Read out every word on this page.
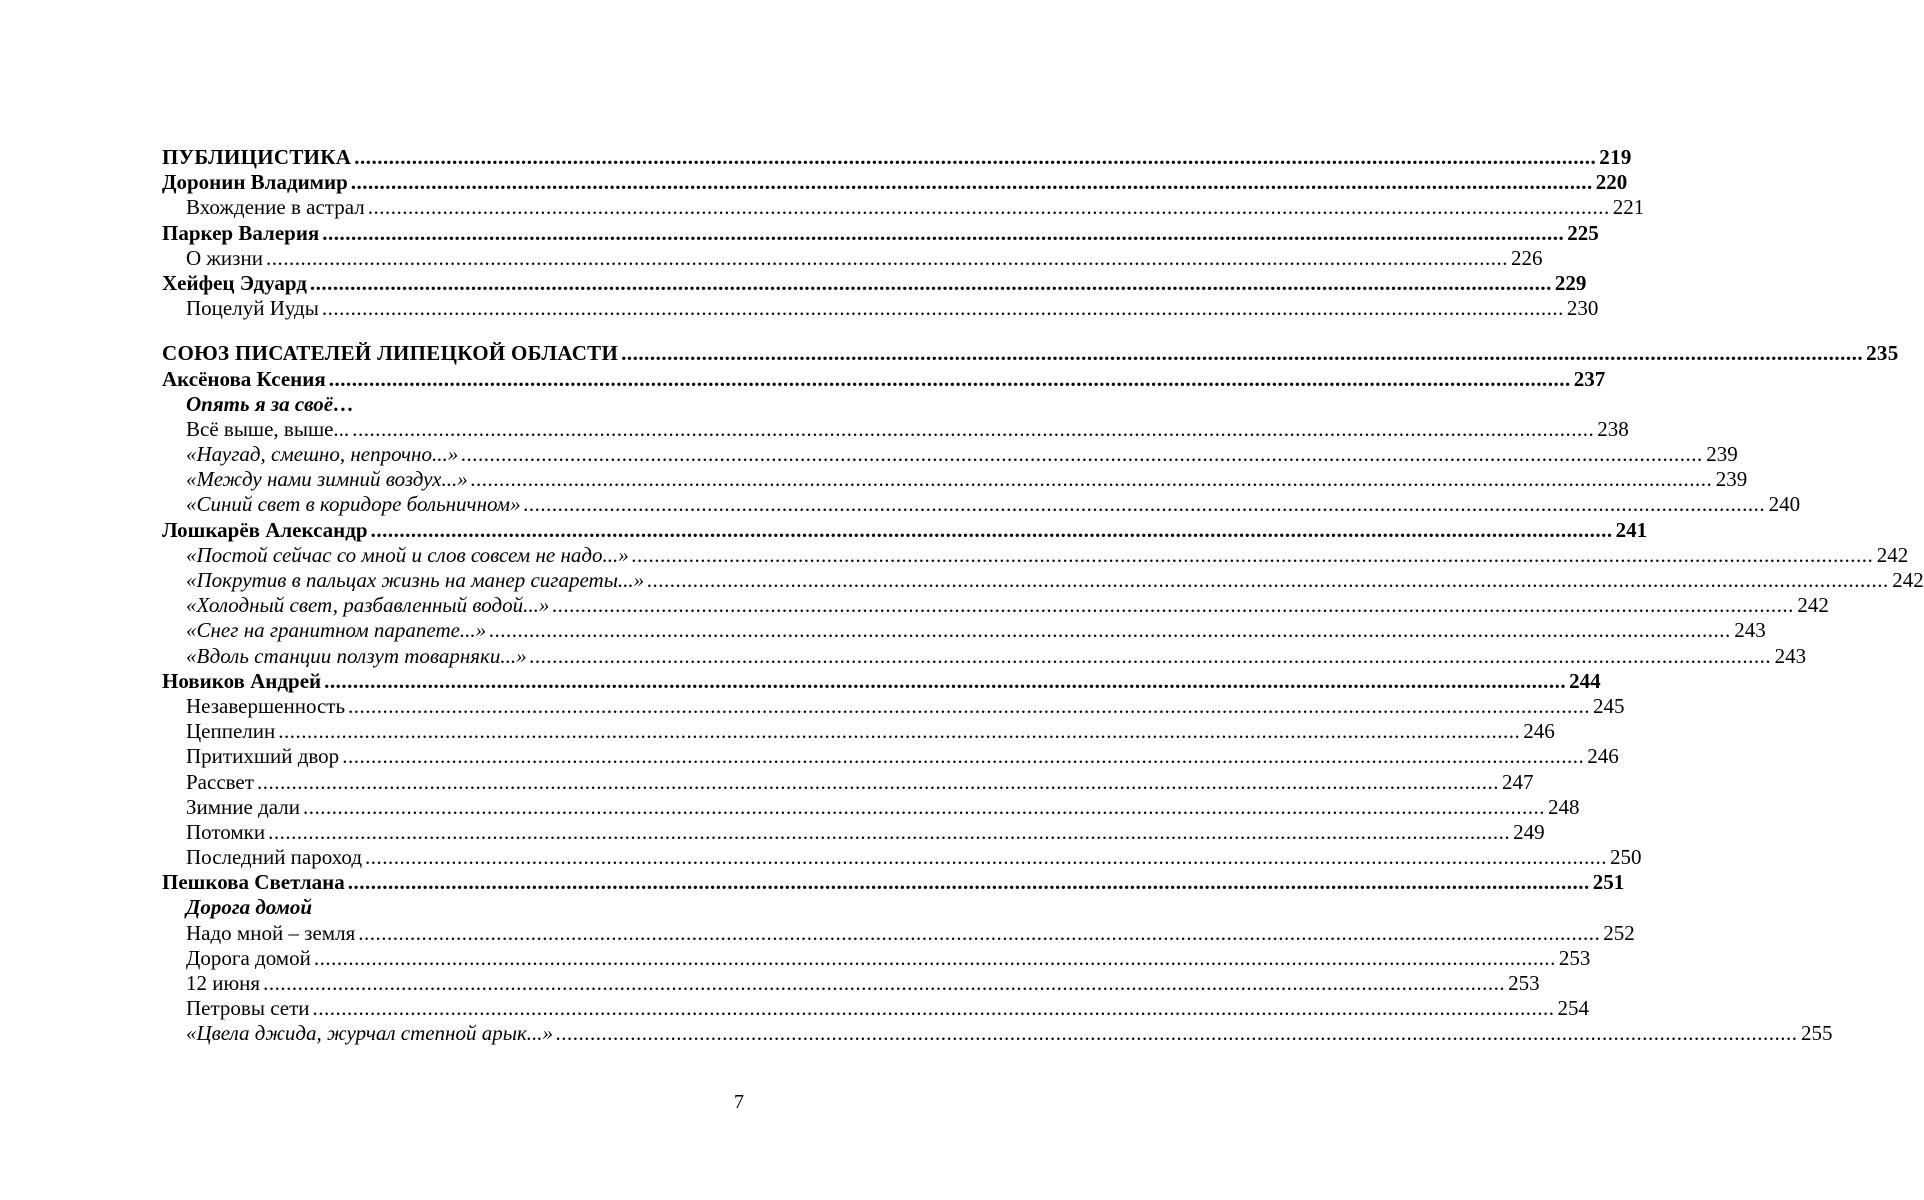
ПУБЛИЦИСТИКА .....	219
Доронин Владимир .....	220
Вхождение в астрал .....	221
Паркер Валерия .....	225
О жизни .....	226
Хейфец Эдуард .....	229
Поцелуй Иуды .....	230
СОЮЗ ПИСАТЕЛЕЙ ЛИПЕЦКОЙ ОБЛАСТИ .....	235
Аксёнова Ксения .....	237
Опять я за своё…
Всё выше, выше... .....	238
«Наугад, смешно, непрочно...» .....	239
«Между нами зимний воздух...» .....	239
«Синий свет в коридоре больничном» .....	240
Лошкарёв Александр .....	241
«Постой сейчас со мной и слов совсем не надо...» .....	242
«Покрутив в пальцах жизнь на манер сигареты...» .....	242
«Холодный свет, разбавленный водой...» .....	242
«Снег на гранитном парапете...» .....	243
«Вдоль станции ползут товарняки...» .....	243
Новиков Андрей .....	244
Незавершенность .....	245
Цеппелин .....	246
Притихший двор .....	246
Рассвет .....	247
Зимние дали .....	248
Потомки .....	249
Последний пароход .....	250
Пешкова Светлана .....	251
Дорога домой
Надо мной – земля .....	252
Дорога домой .....	253
12 июня .....	253
Петровы сети .....	254
«Цвела джида, журчал степной арык...» .....	255
7
